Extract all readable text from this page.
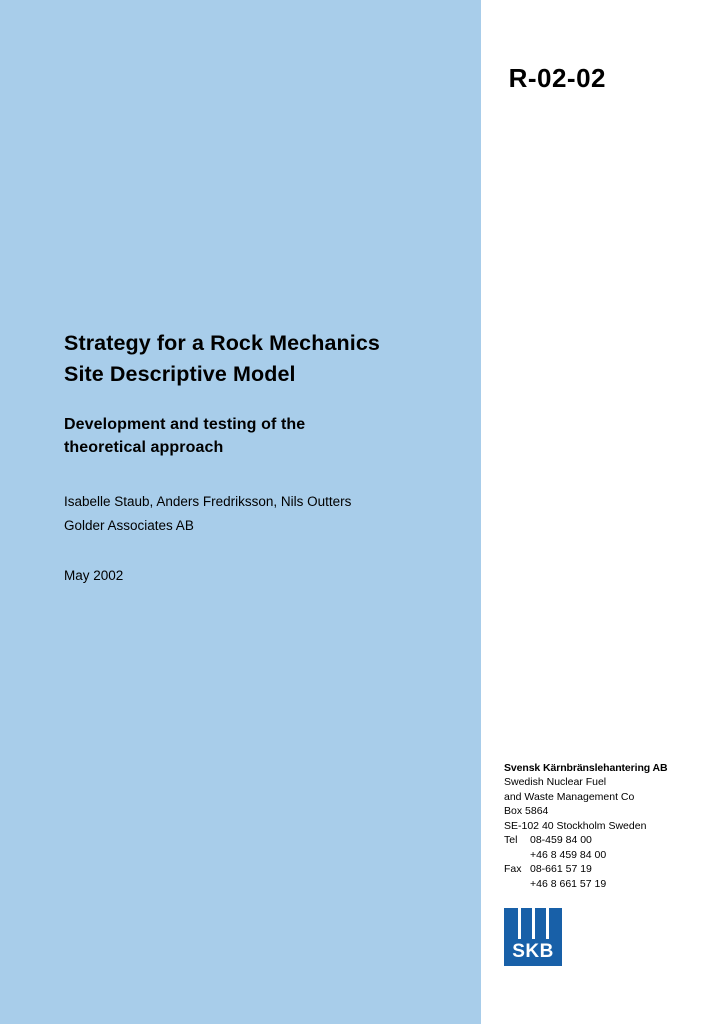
R-02-02
Strategy for a Rock Mechanics
Site Descriptive Model
Development and testing of the
theoretical approach
Isabelle Staub, Anders Fredriksson, Nils Outters
Golder Associates AB
May 2002
Svensk Kärnbränslehantering AB
Swedish Nuclear Fuel
and Waste Management Co
Box 5864
SE-102 40 Stockholm Sweden
Tel 08-459 84 00
+46 8 459 84 00
Fax 08-661 57 19
+46 8 661 57 19
SKB
